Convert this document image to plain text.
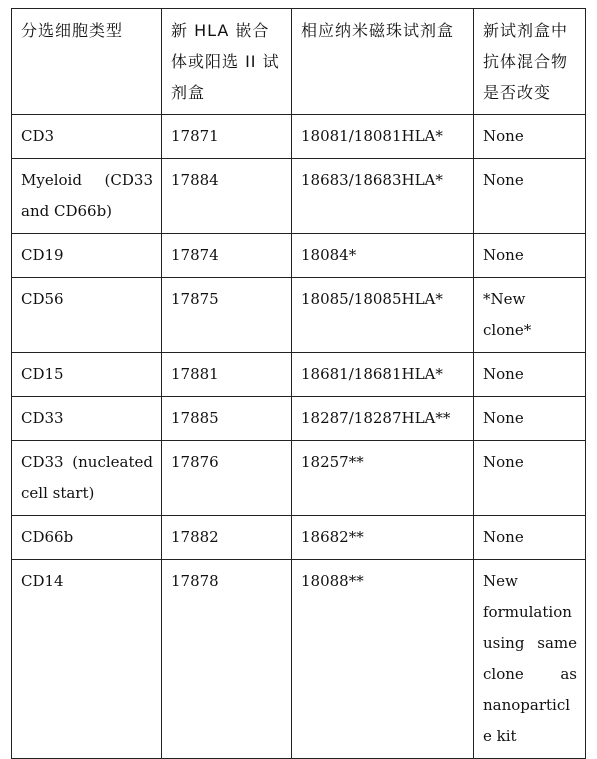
分选细胞类型	新 HLA 嵌合体或阳选 II 试剂盒	相应纳米磁珠试剂盒	新试剂盒中抗体混合物是否改变
CD3	17871	18081/18081HLA*	None
Myeloid (CD33 and CD66b)	17884	18683/18683HLA*	None
CD19	17874	18084*	None
CD56	17875	18085/18085HLA*	*New clone*
CD15	17881	18681/18681HLA*	None
CD33	17885	18287/18287HLA**	None
CD33 (nucleated cell start)	17876	18257**	None
CD66b	17882	18682**	None
CD14	17878	18088**	New formulation using same clone as nanoparticle kit
